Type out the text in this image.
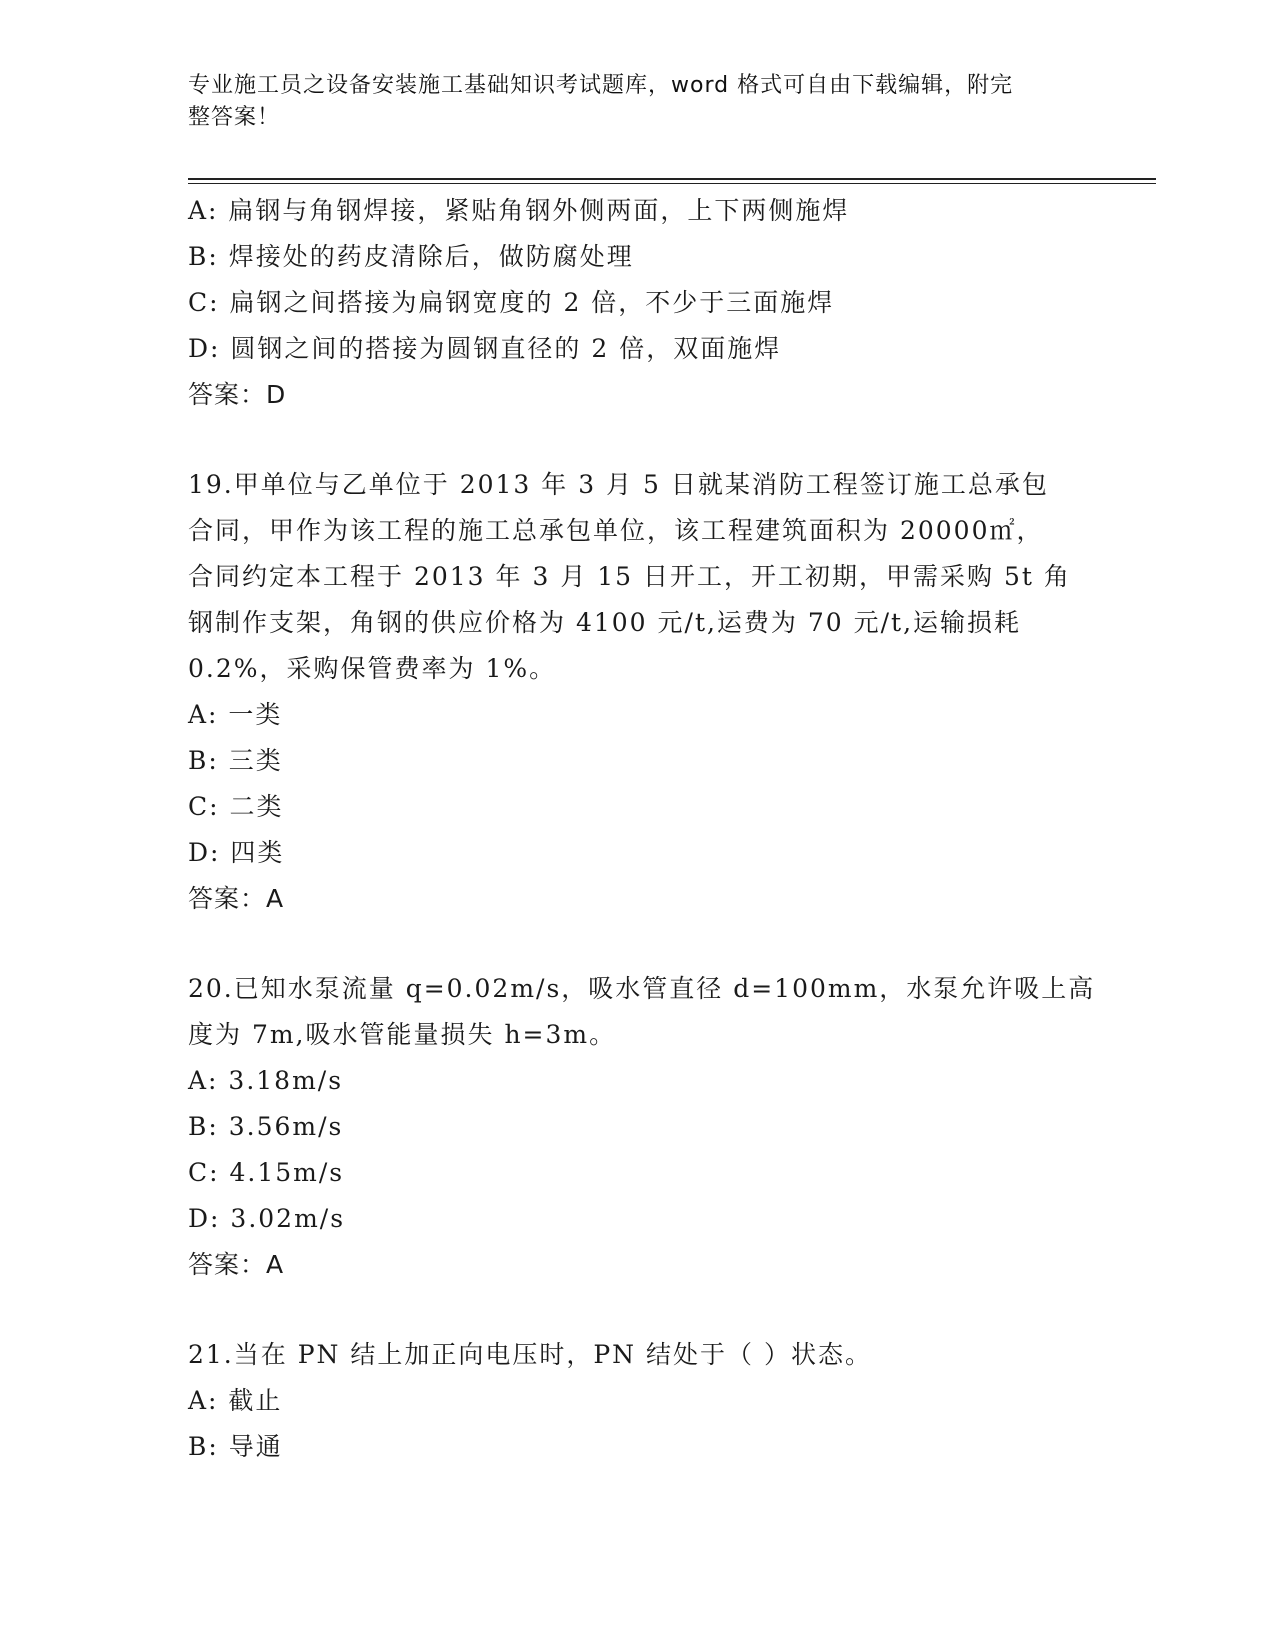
专业施工员之设备安装施工基础知识考试题库，word 格式可自由下载编辑，附完
整答案！
A: 扁钢与角钢焊接，紧贴角钢外侧两面，上下两侧施焊
B: 焊接处的药皮清除后，做防腐处理
C: 扁钢之间搭接为扁钢宽度的 2 倍，不少于三面施焊
D: 圆钢之间的搭接为圆钢直径的 2 倍，双面施焊
答案：D
19.甲单位与乙单位于 2013 年 3 月 5 日就某消防工程签订施工总承包
合同，甲作为该工程的施工总承包单位，该工程建筑面积为 20000㎡，
合同约定本工程于 2013 年 3 月 15 日开工，开工初期，甲需采购 5t 角
钢制作支架，角钢的供应价格为 4100 元/t,运费为 70 元/t,运输损耗
0.2%，采购保管费率为 1%。
A: 一类
B: 三类
C: 二类
D: 四类
答案：A
20.已知水泵流量 q=0.02m/s，吸水管直径 d=100mm，水泵允许吸上高
度为 7m,吸水管能量损失 h=3m。
A: 3.18m/s
B: 3.56m/s
C: 4.15m/s
D: 3.02m/s
答案：A
21.当在 PN 结上加正向电压时，PN 结处于（ ）状态。
A: 截止
B: 导通
